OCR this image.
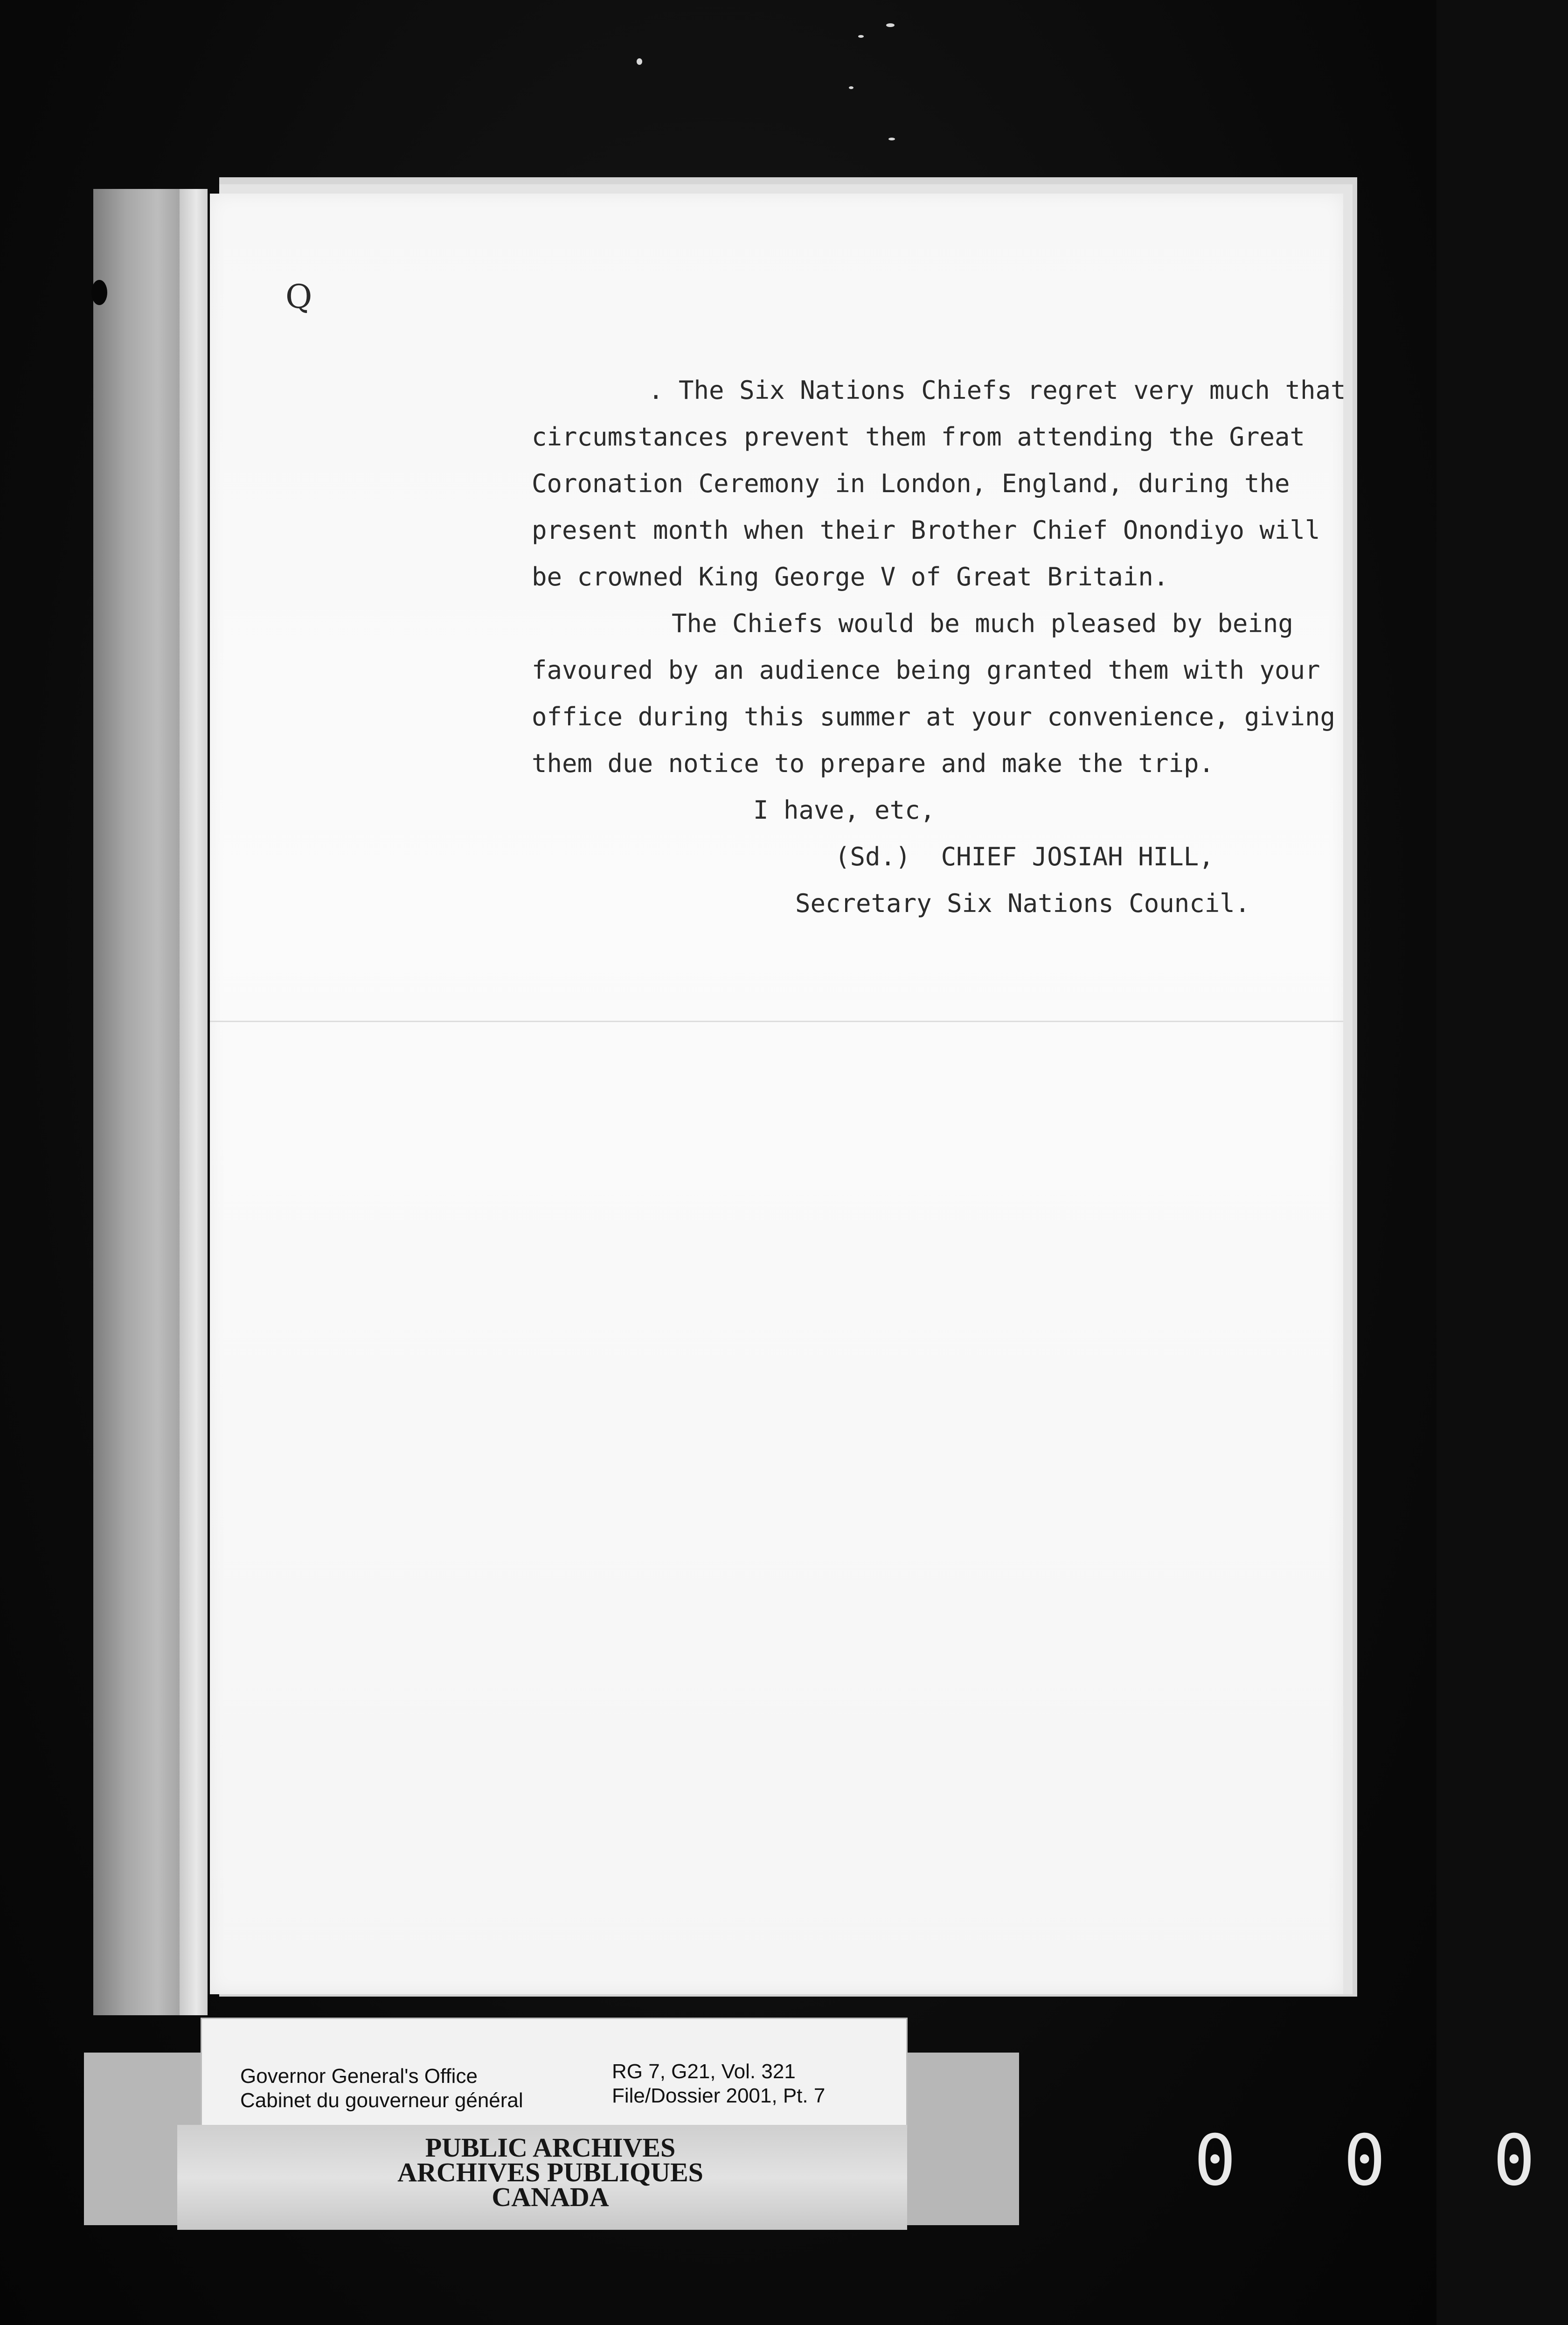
Q
. The Six Nations Chiefs regret very much that
circumstances prevent them from attending the Great
Coronation Ceremony in London, England, during the
present month when their Brother Chief Onondiyo will
be crowned King George V of Great Britain.
The Chiefs would be much pleased by being
favoured by an audience being granted them with your
office during this summer at your convenience, giving
them due notice to prepare and make the trip.
I have, etc,
(Sd.)  CHIEF JOSIAH HILL,
Secretary Six Nations Council.
Governor General's Office
Cabinet du gouverneur général
RG 7, G21, Vol. 321
File/Dossier 2001, Pt. 7
PUBLIC ARCHIVES
ARCHIVES PUBLIQUES
CANADA	0 0 0
